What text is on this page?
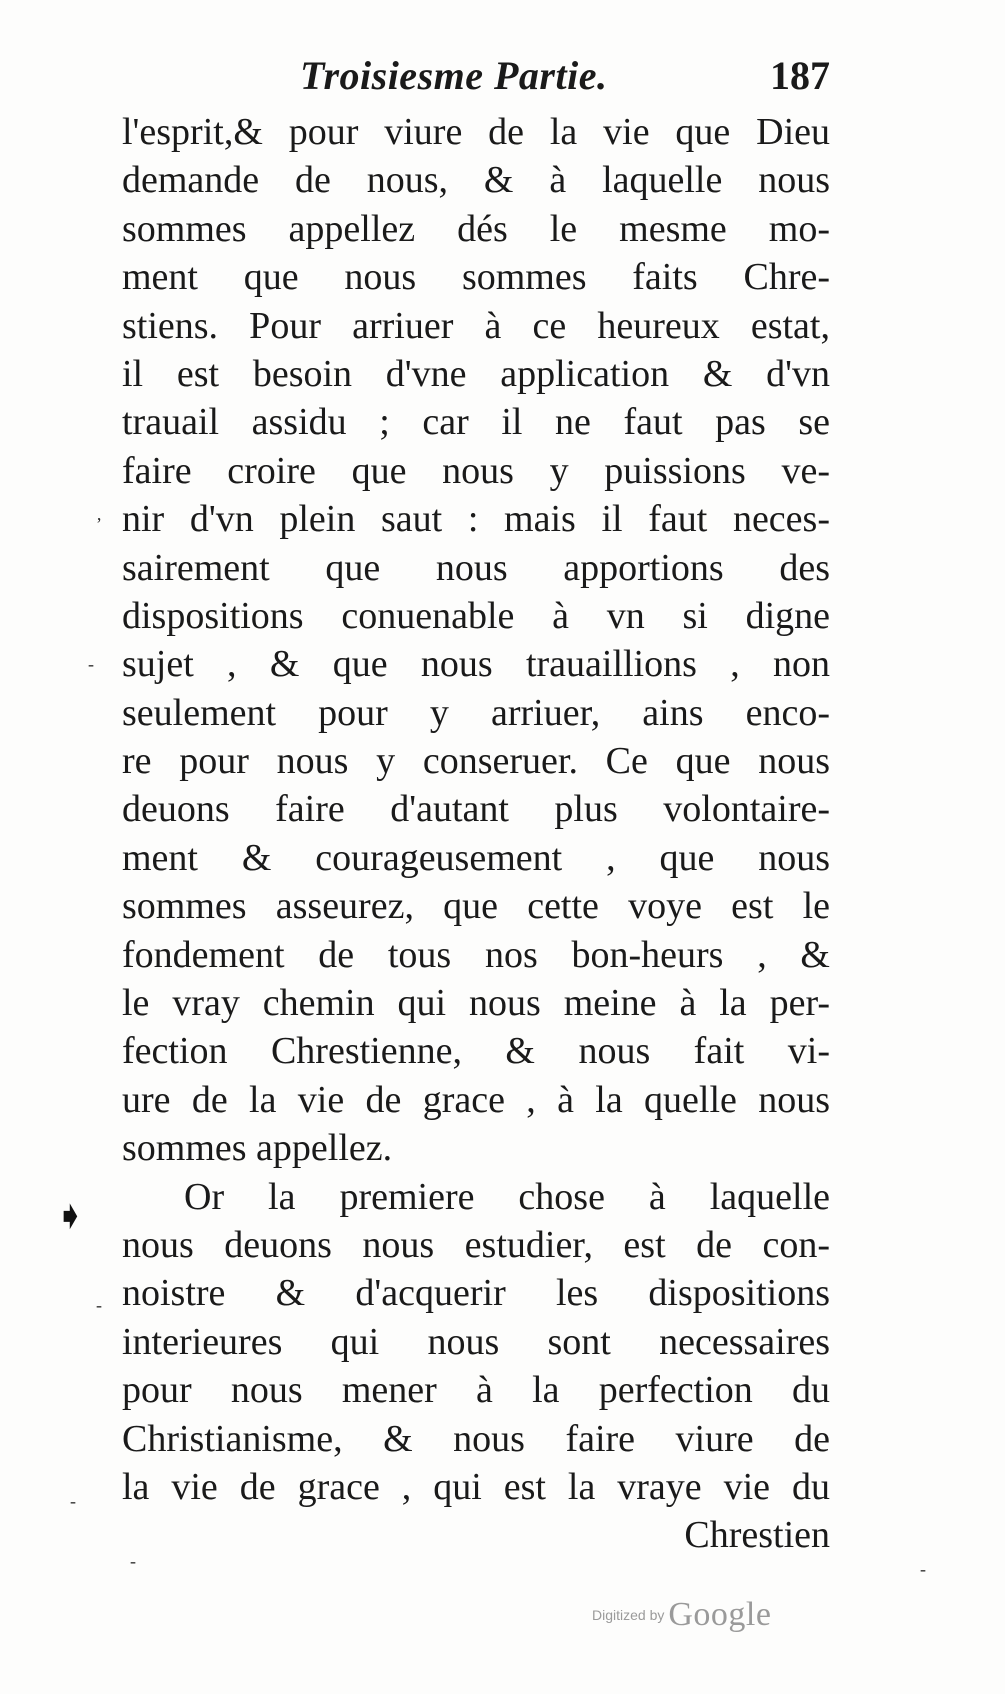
Troisiesme Partie.	187
l'esprit,& pour viure de la vie que Dieu
demande de nous, & à laquelle nous
sommes appellez dés le mesme mo-
ment que nous sommes faits Chre-
stiens. Pour arriuer à ce heureux estat,
il est besoin d'vne application & d'vn
trauail assidu ; car il ne faut pas se
faire croire que nous y puissions ve-
nir d'vn plein saut : mais il faut neces-
sairement que nous apportions des
dispositions conuenable à vn si digne
sujet , & que nous trauaillions , non
seulement pour y arriuer, ains enco-
re pour nous y conseruer. Ce que nous
deuons faire d'autant plus volontaire-
ment & courageusement , que nous
sommes asseurez, que cette voye est le
fondement de tous nos bon-heurs , &
le vray chemin qui nous meine à la per-
fection Chrestienne, & nous fait vi-
ure de la vie de grace , à la quelle nous
sommes appellez.
Or la premiere chose à laquelle
nous deuons nous estudier, est de con-
noistre & d'acquerir les dispositions
interieures qui nous sont necessaires
pour nous mener à la perfection du
Christianisme, & nous faire viure de
la vie de grace , qui est la vraye vie du
Chrestien
➧
ʼ
-
-
-
-	-
Digitized by Google
